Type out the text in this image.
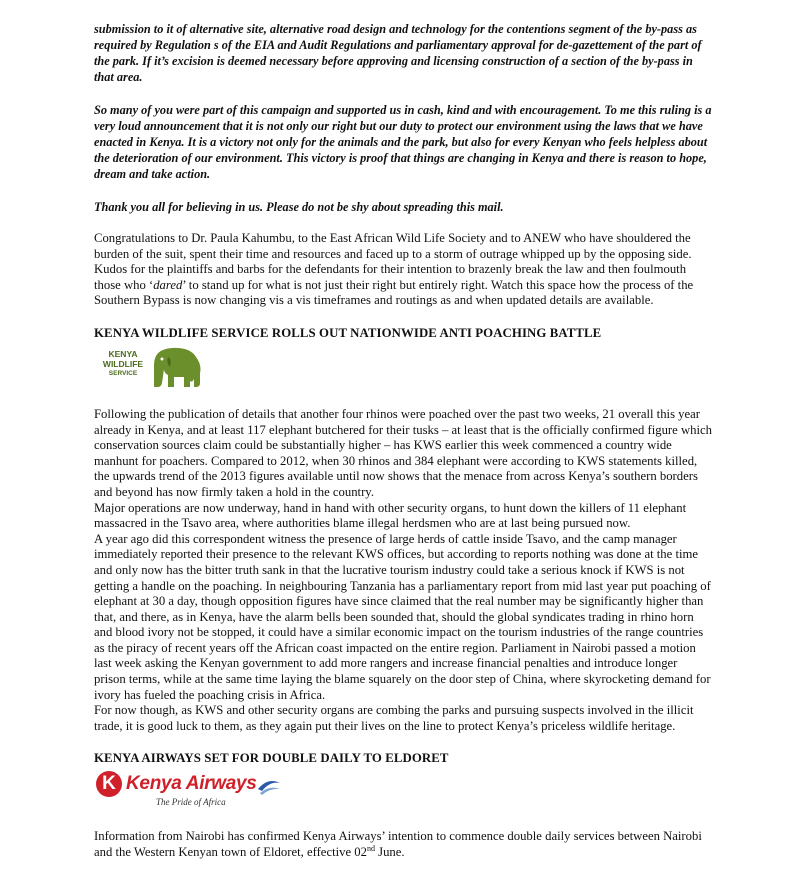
submission to it of alternative site, alternative road design and technology for the contentions segment of the by-pass as required by Regulation s of the EIA and Audit Regulations and parliamentary approval for de-gazettement of the part of the park. If it’s excision is deemed necessary before approving and licensing construction of a section of the by-pass in that area.

So many of you were part of this campaign and supported us in cash, kind and with encouragement. To me this ruling is a very loud announcement that it is not only our right but our duty to protect our environment using the laws that we have enacted in Kenya. It is a victory not only for the animals and the park, but also for every Kenyan who feels helpless about the deterioration of our environment. This victory is proof that things are changing in Kenya and there is reason to hope, dream and take action.

Thank you all for believing in us. Please do not be shy about spreading this mail.

Congratulations to Dr. Paula Kahumbu, to the East African Wild Life Society and to ANEW who have shouldered the burden of the suit, spent their time and resources and faced up to a storm of outrage whipped up by the opposing side. Kudos for the plaintiffs and barbs for the defendants for their intention to brazenly break the law and then foulmouth those who ‘dared’ to stand up for what is not just their right but entirely right. Watch this space how the process of the Southern Bypass is now changing vis a vis timeframes and routings as and when updated details are available.

KENYA WILDLIFE SERVICE ROLLS OUT NATIONWIDE ANTI POACHING BATTLE

KENYA
WILDLIFE
SERVICE

Following the publication of details that another four rhinos were poached over the past two weeks, 21 overall this year already in Kenya, and at least 117 elephant butchered for their tusks – at least that is the officially confirmed figure which conservation sources claim could be substantially higher – has KWS earlier this week commenced a country wide manhunt for poachers. Compared to 2012, when 30 rhinos and 384 elephant were according to KWS statements killed, the upwards trend of the 2013 figures available until now shows that the menace from across Kenya’s southern borders and beyond has now firmly taken a hold in the country.

Major operations are now underway, hand in hand with other security organs, to hunt down the killers of 11 elephant massacred in the Tsavo area, where authorities blame illegal herdsmen who are at last being pursued now.

A year ago did this correspondent witness the presence of large herds of cattle inside Tsavo, and the camp manager immediately reported their presence to the relevant KWS offices, but according to reports nothing was done at the time and only now has the bitter truth sank in that the lucrative tourism industry could take a serious knock if KWS is not getting a handle on the poaching. In neighbouring Tanzania has a parliamentary report from mid last year put poaching of elephant at 30 a day, though opposition figures have since claimed that the real number may be significantly higher than that, and there, as in Kenya, have the alarm bells been sounded that, should the global syndicates trading in rhino horn and blood ivory not be stopped, it could have a similar economic impact on the tourism industries of the range countries as the piracy of recent years off the African coast impacted on the entire region. Parliament in Nairobi passed a motion last week asking the Kenyan government to add more rangers and increase financial penalties and introduce longer prison terms, while at the same time laying the blame squarely on the door step of China, where skyrocketing demand for ivory has fueled the poaching crisis in Africa.

For now though, as KWS and other security organs are combing the parks and pursuing suspects involved in the illicit trade, it is good luck to them, as they again put their lives on the line to protect Kenya’s priceless wildlife heritage.

KENYA AIRWAYS SET FOR DOUBLE DAILY TO ELDORET

K Kenya Airways
The Pride of Africa

Information from Nairobi has confirmed Kenya Airways’ intention to commence double daily services between Nairobi and the Western Kenyan town of Eldoret, effective 02nd June.
